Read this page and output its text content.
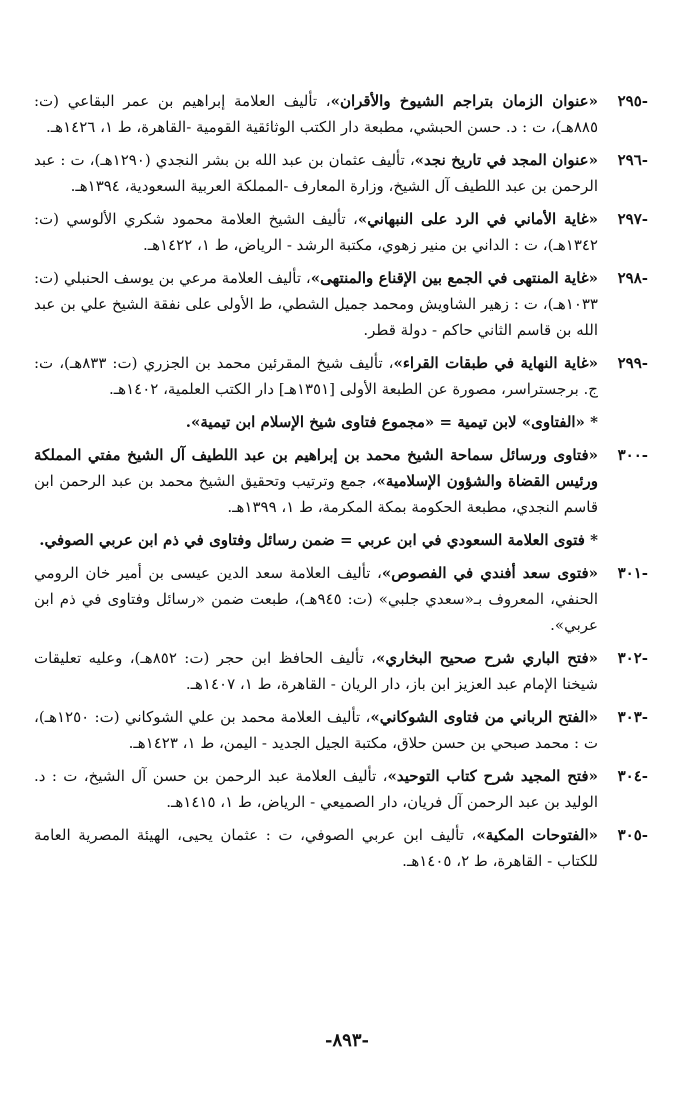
-٢٩٥
«عنوان الزمان بتراجم الشيوخ والأقران»، تأليف العلامة إبراهيم بن عمر البقاعي (ت: ٨٨٥هـ)، ت : د. حسن الحبشي، مطبعة دار الكتب الوثائقية القومية -القاهرة، ط ١، ١٤٢٦هـ.
-٢٩٦
«عنوان المجد في تاريخ نجد»، تأليف عثمان بن عبد الله بن بشر النجدي (١٢٩٠هـ)، ت : عبد الرحمن بن عبد اللطيف آل الشيخ، وزارة المعارف -المملكة العربية السعودية، ١٣٩٤هـ.
-٢٩٧
«غاية الأماني في الرد على النبهاني»، تأليف الشيخ العلامة محمود شكري الألوسي (ت: ١٣٤٢هـ)، ت : الداني بن منير زهوي، مكتبة الرشد - الرياض، ط ١، ١٤٢٢هـ.
-٢٩٨
«غاية المنتهى في الجمع بين الإقناع والمنتهى»، تأليف العلامة مرعي بن يوسف الحنبلي (ت: ١٠٣٣هـ)، ت : زهير الشاويش ومحمد جميل الشطي، ط الأولى على نفقة الشيخ علي بن عبد الله بن قاسم الثاني حاكم - دولة قطر.
-٢٩٩
«غاية النهاية في طبقات القراء»، تأليف شيخ المقرئين محمد بن الجزري (ت: ٨٣٣هـ)، ت: ج. برجستراسر، مصورة عن الطبعة الأولى [١٣٥١هـ] دار الكتب العلمية، ١٤٠٢هـ.
* «الفتاوى» لابن تيمية = «مجموع فتاوى شيخ الإسلام ابن تيمية».
-٣٠٠
«فتاوى ورسائل سماحة الشيخ محمد بن إبراهيم بن عبد اللطيف آل الشيخ مفتي المملكة ورئيس القضاة والشؤون الإسلامية»، جمع وترتيب وتحقيق الشيخ محمد بن عبد الرحمن ابن قاسم النجدي، مطبعة الحكومة بمكة المكرمة، ط ١، ١٣٩٩هـ.
* فتوى العلامة السعودي في ابن عربي = ضمن رسائل وفتاوى في ذم ابن عربي الصوفي.
-٣٠١
«فتوى سعد أفندي في الفصوص»، تأليف العلامة سعد الدين عيسى بن أمير خان الرومي الحنفي، المعروف بـ«سعدي جلبي» (ت: ٩٤٥هـ)، طبعت ضمن «رسائل وفتاوى في ذم ابن عربي».
-٣٠٢
«فتح الباري شرح صحيح البخاري»، تأليف الحافظ ابن حجر (ت: ٨٥٢هـ)، وعليه تعليقات شيخنا الإمام عبد العزيز ابن باز، دار الريان - القاهرة، ط ١، ١٤٠٧هـ.
-٣٠٣
«الفتح الرباني من فتاوى الشوكاني»، تأليف العلامة محمد بن علي الشوكاني (ت: ١٢٥٠هـ)، ت : محمد صبحي بن حسن حلاق، مكتبة الجيل الجديد - اليمن، ط ١، ١٤٢٣هـ.
-٣٠٤
«فتح المجيد شرح كتاب التوحيد»، تأليف العلامة عبد الرحمن بن حسن آل الشيخ، ت : د. الوليد بن عبد الرحمن آل فريان، دار الصميعي - الرياض، ط ١، ١٤١٥هـ.
-٣٠٥
«الفتوحات المكية»، تأليف ابن عربي الصوفي، ت : عثمان يحيى، الهيئة المصرية العامة للكتاب - القاهرة، ط ٢، ١٤٠٥هـ.
-٨٩٣-
